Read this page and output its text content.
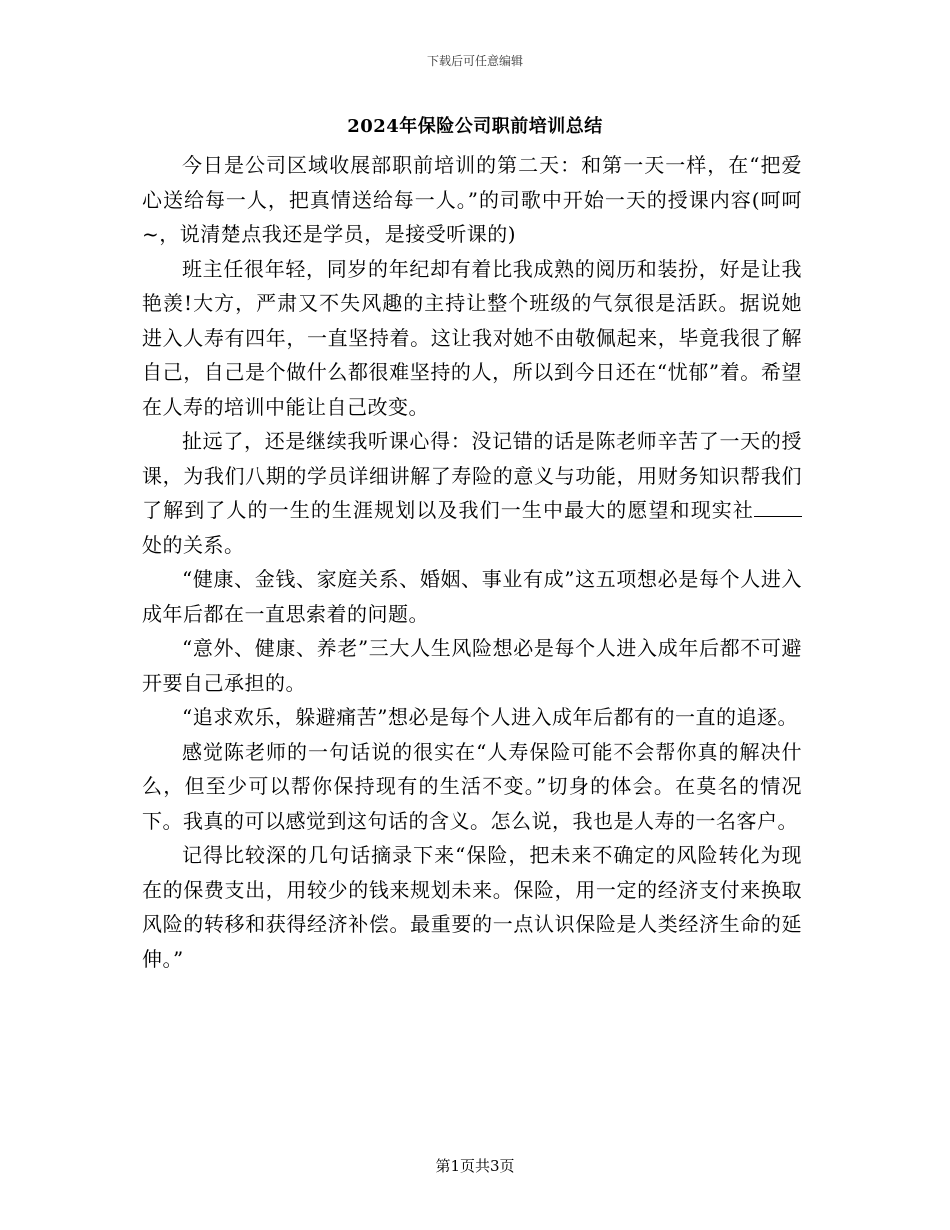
下载后可任意编辑
2024年保险公司职前培训总结

今日是公司区域收展部职前培训的第二天：和第一天一样，在“把爱心送给每一人，把真情送给每一人。”的司歌中开始一天的授课内容(呵呵~，说清楚点我还是学员，是接受听课的)

班主任很年轻，同岁的年纪却有着比我成熟的阅历和装扮，好是让我艳羡!大方，严肃又不失风趣的主持让整个班级的气氛很是活跃。据说她进入人寿有四年，一直坚持着。这让我对她不由敬佩起来，毕竟我很了解自己，自己是个做什么都很难坚持的人，所以到今日还在“忧郁”着。希望在人寿的培训中能让自己改变。

扯远了，还是继续我听课心得：没记错的话是陈老师辛苦了一天的授课，为我们八期的学员详细讲解了寿险的意义与功能，用财务知识帮我们了解到了人的一生的生涯规划以及我们一生中最大的愿望和现实社处的关系。

“健康、金钱、家庭关系、婚姻、事业有成”这五项想必是每个人进入成年后都在一直思索着的问题。

“意外、健康、养老”三大人生风险想必是每个人进入成年后都不可避开要自己承担的。

“追求欢乐，躲避痛苦”想必是每个人进入成年后都有的一直的追逐。

感觉陈老师的一句话说的很实在“人寿保险可能不会帮你真的解决什么，但至少可以帮你保持现有的生活不变。”切身的体会。在莫名的情况下。我真的可以感觉到这句话的含义。怎么说，我也是人寿的一名客户。

记得比较深的几句话摘录下来“保险，把未来不确定的风险转化为现在的保费支出，用较少的钱来规划未来。保险，用一定的经济支付来换取风险的转移和获得经济补偿。最重要的一点认识保险是人类经济生命的延伸。”

第1页共3页
